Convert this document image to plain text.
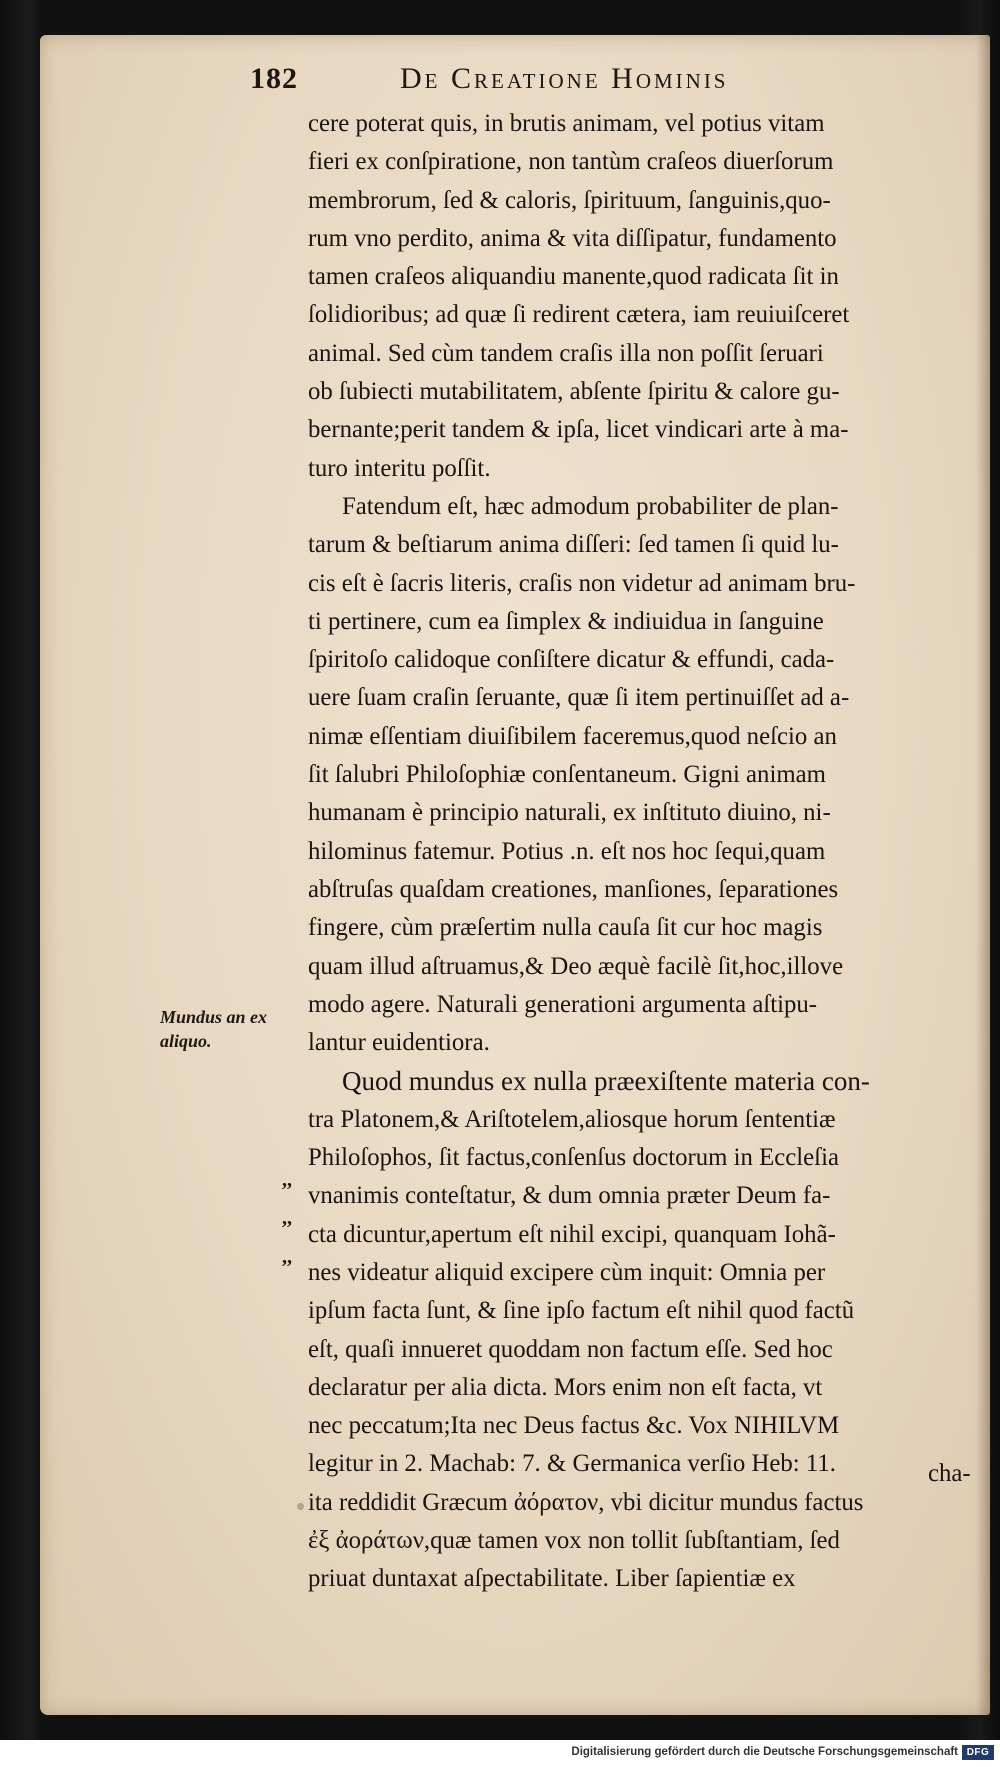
182	De Creatione Hominis
cere poterat quis, in brutis animam, vel potius vitam
fieri ex conſpiratione, non tantùm craſeos diuerſorum
membrorum, ſed & caloris, ſpirituum, ſanguinis,quo-
rum vno perdito, anima & vita diſſipatur, fundamento
tamen craſeos aliquandiu manente,quod radicata ſit in
ſolidioribus; ad quæ ſi redirent cætera, iam reuiuiſceret
animal. Sed cùm tandem craſis illa non poſſit ſeruari
ob ſubiecti mutabilitatem, abſente ſpiritu & calore gu-
bernante;perit tandem & ipſa, licet vindicari arte à ma-
turo interitu poſſit.
Fatendum eſt, hæc admodum probabiliter de plan-
tarum & beſtiarum anima diſſeri: ſed tamen ſi quid lu-
cis eſt è ſacris literis, craſis non videtur ad animam bru-
ti pertinere, cum ea ſimplex & indiuidua in ſanguine
ſpiritoſo calidoque conſiſtere dicatur & effundi, cada-
uere ſuam craſin ſeruante, quæ ſi item pertinuiſſet ad a-
nimæ eſſentiam diuiſibilem faceremus,quod neſcio an
ſit ſalubri Philoſophiæ conſentaneum. Gigni animam
humanam è principio naturali, ex inſtituto diuino, ni-
hilominus fatemur. Potius .n. eſt nos hoc ſequi,quam
abſtruſas quaſdam creationes, manſiones, ſeparationes
fingere, cùm præſertim nulla cauſa ſit cur hoc magis
quam illud aſtruamus,& Deo æquè facilè ſit,hoc,illove
modo agere. Naturali generationi argumenta aſtipu-
lantur euidentiora.
Quod mundus ex nulla præexiſtente materia con-
tra Platonem,& Ariſtotelem,aliosque horum ſententiæ
Philoſophos, ſit factus,conſenſus doctorum in Eccleſia
vnanimis conteſtatur, & dum omnia præter Deum fa-
cta dicuntur,apertum eſt nihil excipi, quanquam Iohã-
nes videatur aliquid excipere cùm inquit: Omnia per
ipſum facta ſunt, & ſine ipſo factum eſt nihil quod factũ
eſt, quaſi innueret quoddam non factum eſſe. Sed hoc
declaratur per alia dicta. Mors enim non eſt facta, vt
nec peccatum;Ita nec Deus factus &c. Vox NIHILVM
legitur in 2. Machab: 7. & Germanica verſio Heb: 11.
ita reddidit Græcum ἀόρατον, vbi dicitur mundus factus
ἐξ ἀοράτων,quæ tamen vox non tollit ſubſtantiam, ſed
priuat duntaxat aſpectabilitate. Liber ſapientiæ ex
Mundus an ex aliquo.
,,
,,
,,
cha-
Digitalisierung gefördert durch die Deutsche Forschungsgemeinschaft DFG
